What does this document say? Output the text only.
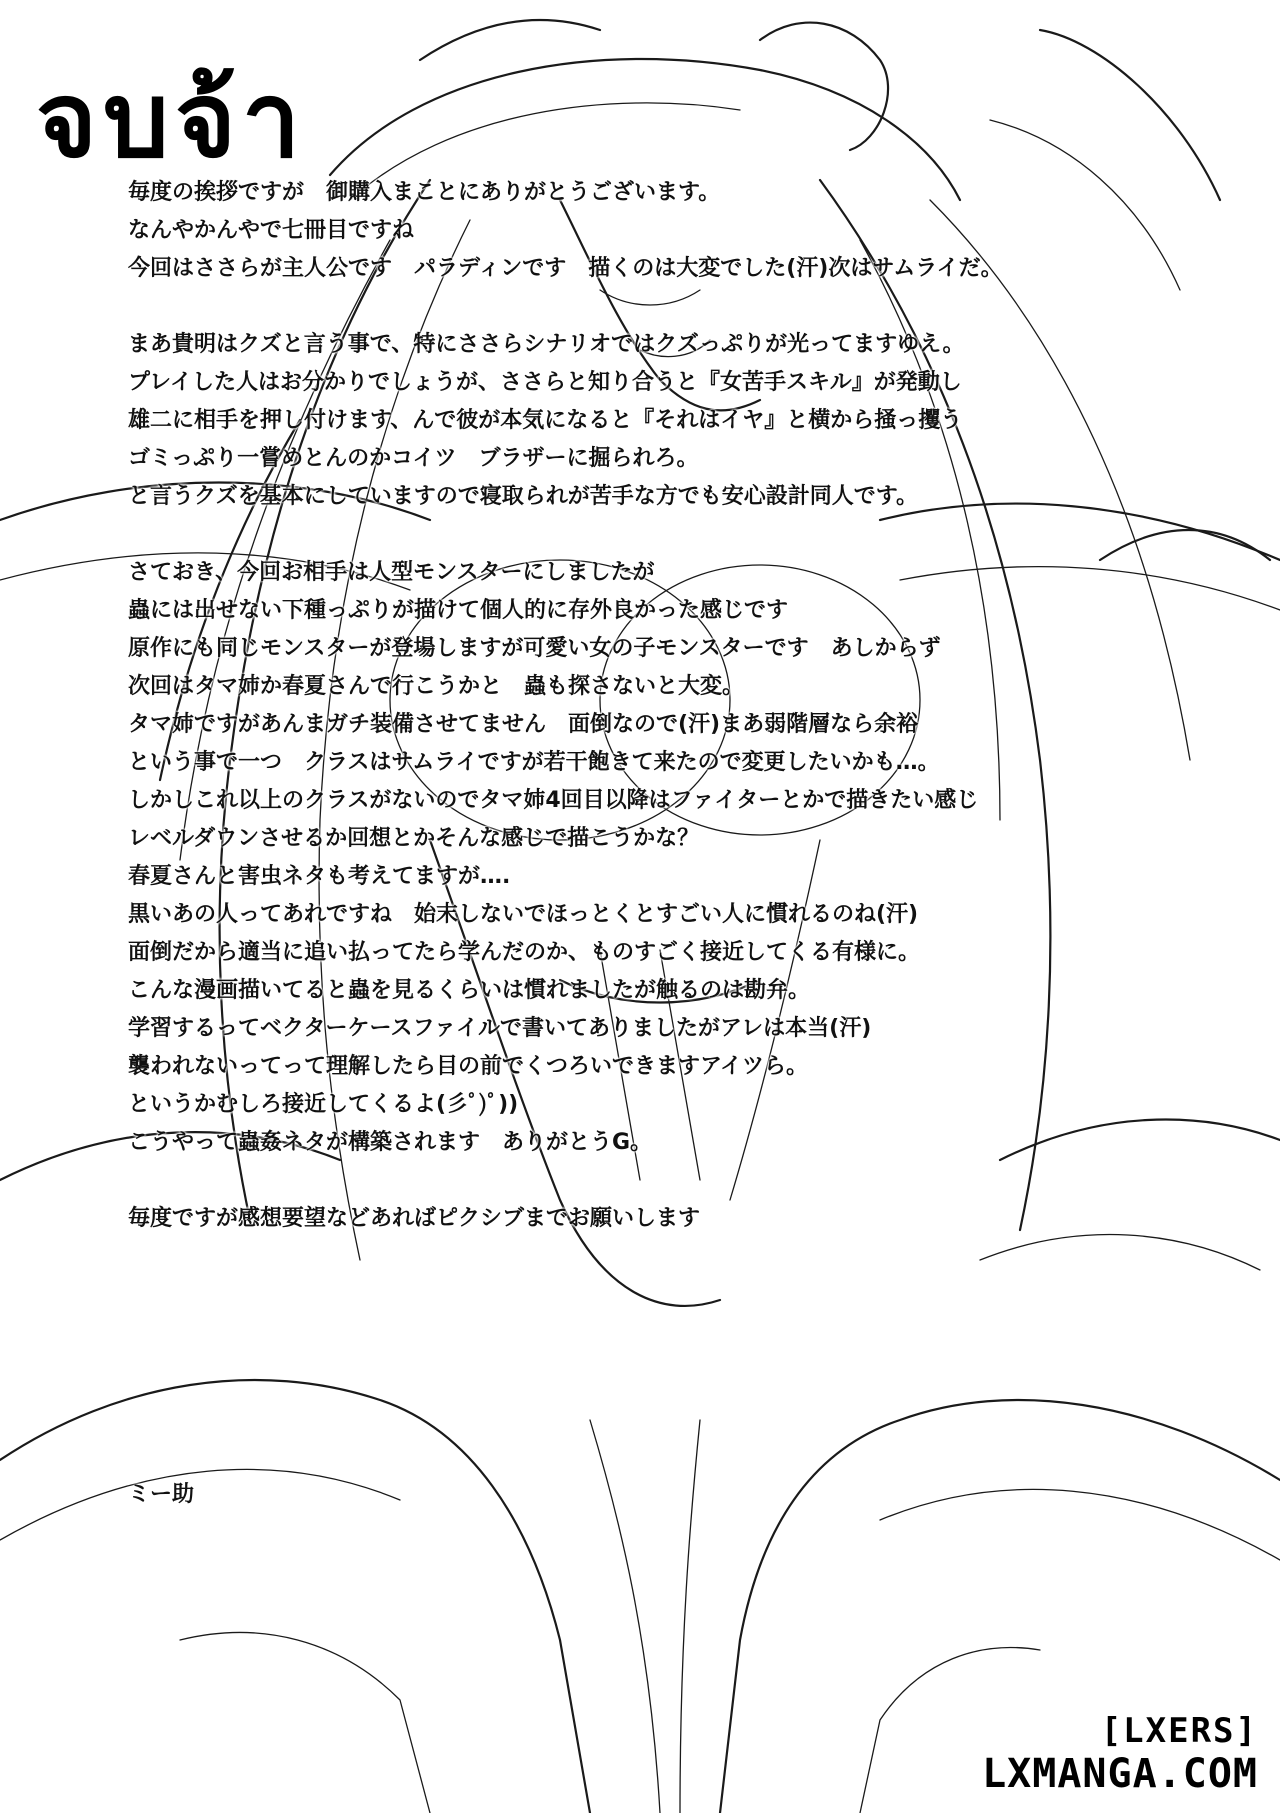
จบจ้า
毎度の挨拶ですが　御購入まことにありがとうございます。
なんやかんやで七冊目ですね
今回はささらが主人公です　パラディンです　描くのは大変でした(汗)次はサムライだ。
まあ貴明はクズと言う事で、特にささらシナリオではクズっぷりが光ってますゆえ。
プレイした人はお分かりでしょうが、ささらと知り合うと『女苦手スキル』が発動し
雄二に相手を押し付けます、んで彼が本気になると『それはイヤ』と横から掻っ攫う
ゴミっぷり一嘗めとんのかコイツ　ブラザーに掘られろ。
と言うクズを基本にしていますので寝取られが苦手な方でも安心設計同人です。
さておき、今回お相手は人型モンスターにしましたが
蟲には出せない下種っぷりが描けて個人的に存外良かった感じです
原作にも同じモンスターが登場しますが可愛い女の子モンスターです　あしからず
次回はタマ姉か春夏さんで行こうかと　蟲も探さないと大変。
タマ姉ですがあんまガチ装備させてません　面倒なので(汗)まあ弱階層なら余裕
という事で一つ　クラスはサムライですが若干飽きて来たので変更したいかも…。
しかしこれ以上のクラスがないのでタマ姉4回目以降はファイターとかで描きたい感じ
レベルダウンさせるか回想とかそんな感じで描こうかな？
春夏さんと害虫ネタも考えてますが….
黒いあの人ってあれですね　始末しないでほっとくとすごい人に慣れるのね(汗)
面倒だから適当に追い払ってたら学んだのか、ものすごく接近してくる有様に。
こんな漫画描いてると蟲を見るくらいは慣れましたが触るのは勘弁。
学習するってベクターケースファイルで書いてありましたがアレは本当(汗)
襲われないってって理解したら目の前でくつろいできますアイツら。
というかむしろ接近してくるよ(彡ﾟ)ﾟ))
こうやって蟲姦ネタが構築されます　ありがとうG。
毎度ですが感想要望などあればピクシブまでお願いします
ミー助
[LXERS]
LXMANGA.COM
